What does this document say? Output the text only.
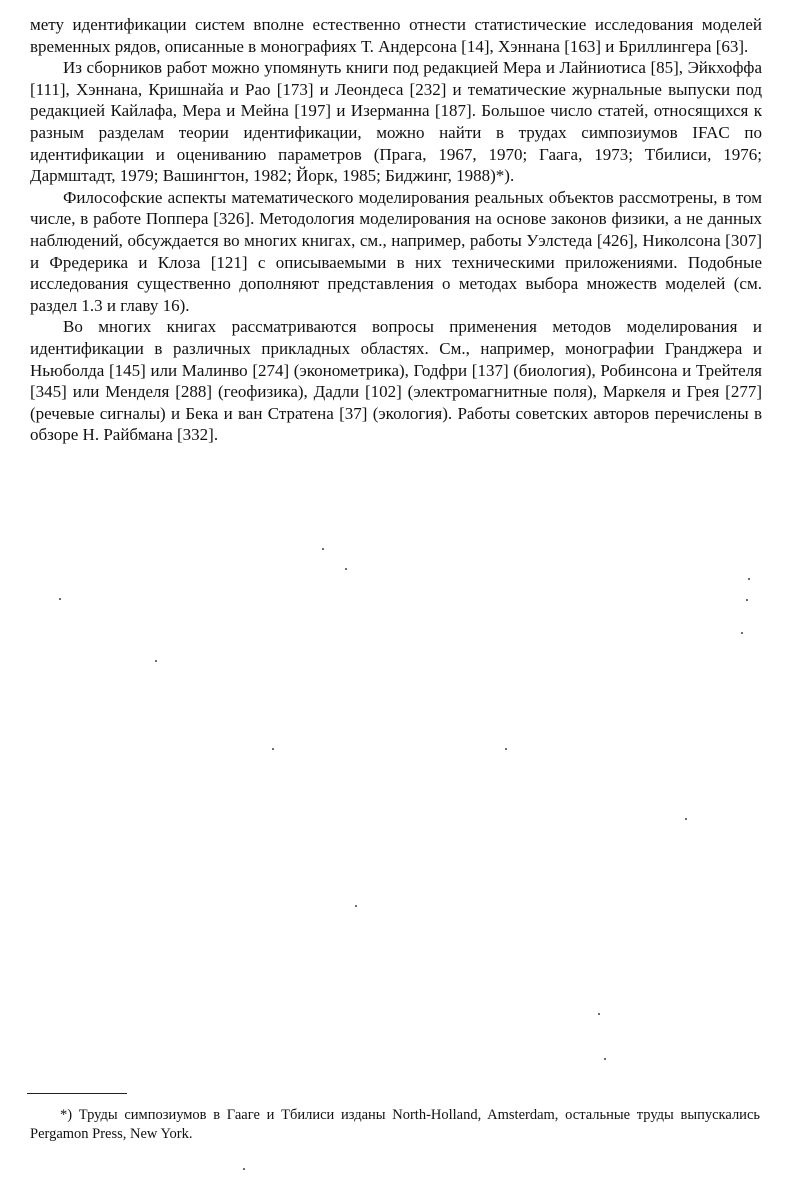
мету идентификации систем вполне естественно отнести статистические исследования моделей временных рядов, описанные в монографиях Т. Андерсона [14], Хэннана [163] и Бриллингера [63].

Из сборников работ можно упомянуть книги под редакцией Мера и Лайниотиса [85], Эйкхоффа [111], Хэннана, Кришнайа и Рао [173] и Леондеса [232] и тематические журнальные выпуски под редакцией Кайлафа, Мера и Мейна [197] и Изерманна [187]. Большое число статей, относящихся к разным разделам теории идентификации, можно найти в трудах симпозиумов IFAC по идентификации и оцениванию параметров (Прага, 1967, 1970; Гаага, 1973; Тбилиси, 1976; Дармштадт, 1979; Вашингтон, 1982; Йорк, 1985; Биджинг, 1988)*).

Философские аспекты математического моделирования реальных объектов рассмотрены, в том числе, в работе Поппера [326]. Методология моделирования на основе законов физики, а не данных наблюдений, обсуждается во многих книгах, см., например, работы Уэлстеда [426], Николсона [307] и Фредерика и Клоза [121] с описываемыми в них техническими приложениями. Подобные исследования существенно дополняют представления о методах выбора множеств моделей (см. раздел 1.3 и главу 16).

Во многих книгах рассматриваются вопросы применения методов моделирования и идентификации в различных прикладных областях. См., например, монографии Гранджера и Ньюболда [145] или Малинво [274] (эконометрика), Годфри [137] (биология), Робинсона и Трейтеля [345] или Менделя [288] (геофизика), Дадли [102] (электромагнитные поля), Маркеля и Грея [277] (речевые сигналы) и Бека и ван Стратена [37] (экология). Работы советских авторов перечислены в обзоре Н. Райбмана [332].

*) Труды симпозиумов в Гааге и Тбилиси изданы North-Holland, Amsterdam, остальные труды выпускались Pergamon Press, New York.
